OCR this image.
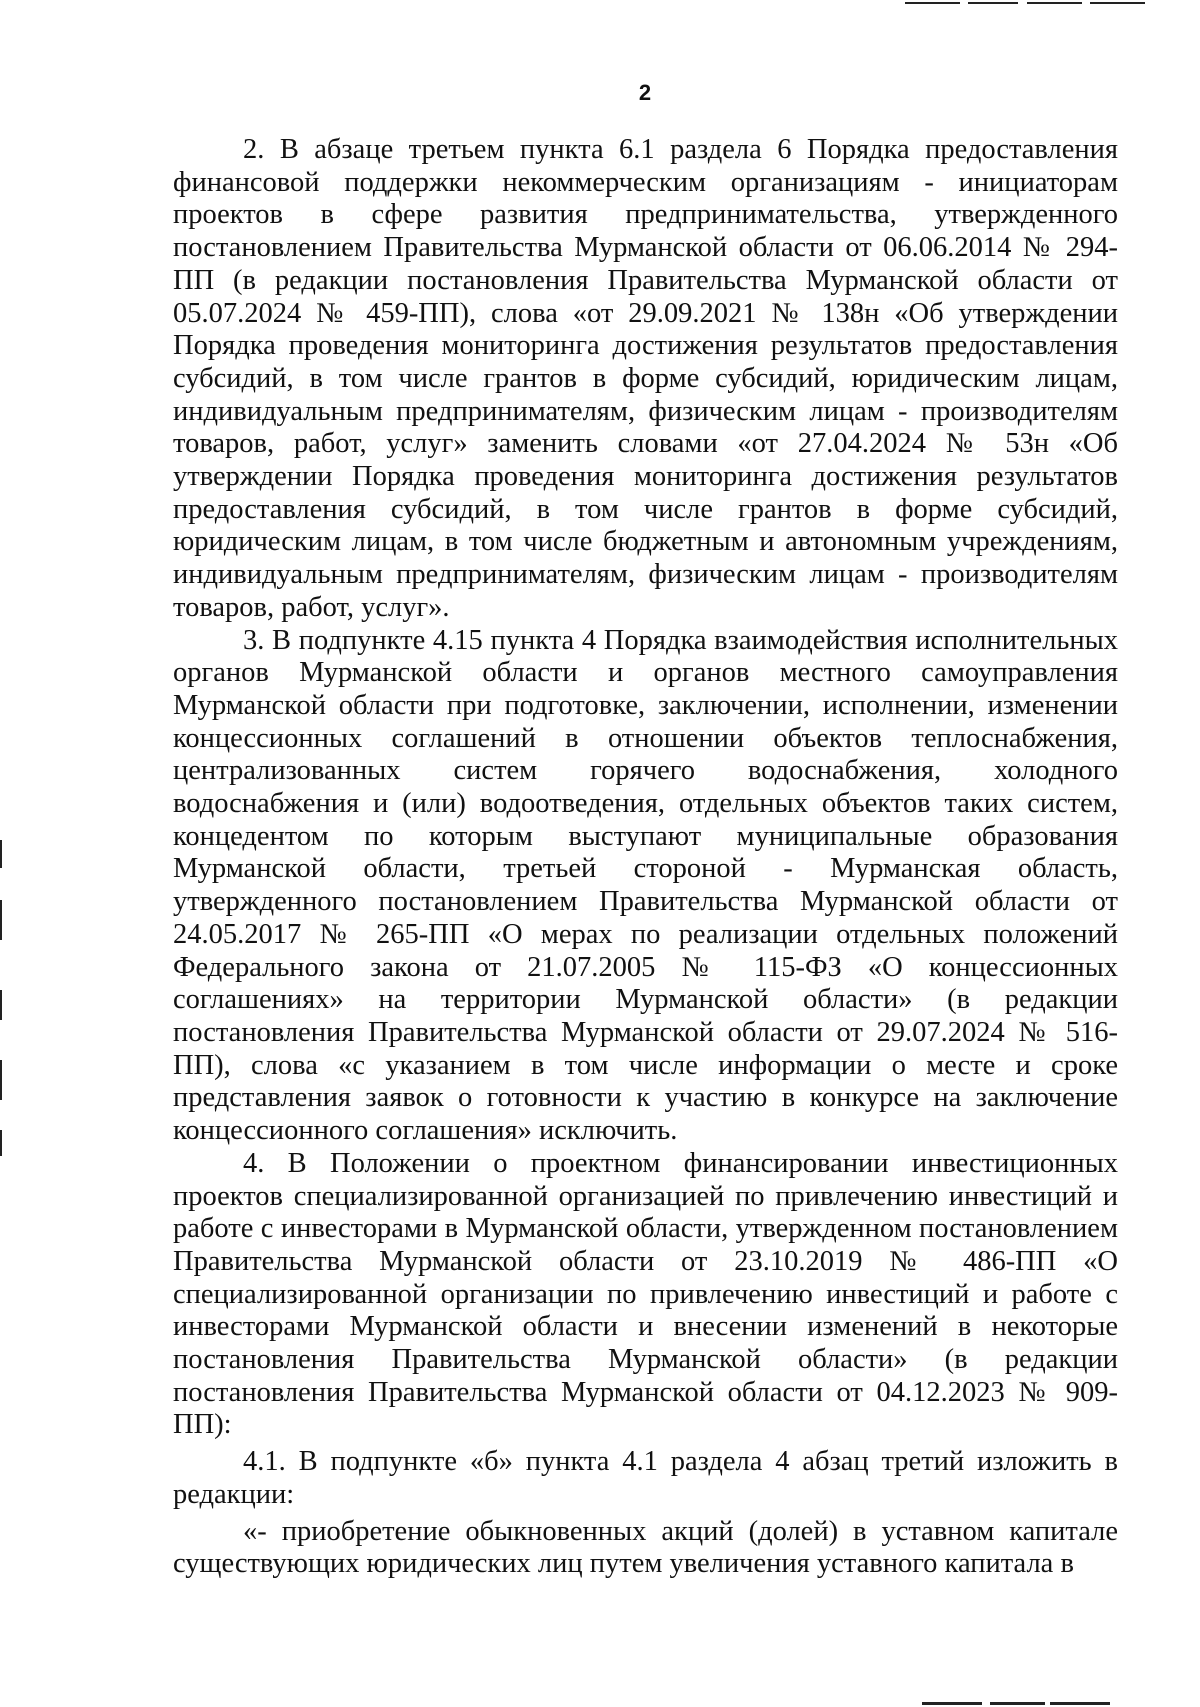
2

2. В абзаце третьем пункта 6.1 раздела 6 Порядка предоставления финансовой поддержки некоммерческим организациям - инициаторам проектов в сфере развития предпринимательства, утвержденного постановлением Правительства Мурманской области от 06.06.2014 № 294-ПП (в редакции постановления Правительства Мурманской области от 05.07.2024 № 459-ПП), слова «от 29.09.2021 № 138н «Об утверждении Порядка проведения мониторинга достижения результатов предоставления субсидий, в том числе грантов в форме субсидий, юридическим лицам, индивидуальным предпринимателям, физическим лицам - производителям товаров, работ, услуг» заменить словами «от 27.04.2024 № 53н «Об утверждении Порядка проведения мониторинга достижения результатов предоставления субсидий, в том числе грантов в форме субсидий, юридическим лицам, в том числе бюджетным и автономным учреждениям, индивидуальным предпринимателям, физическим лицам - производителям товаров, работ, услуг».

3. В подпункте 4.15 пункта 4 Порядка взаимодействия исполнительных органов Мурманской области и органов местного самоуправления Мурманской области при подготовке, заключении, исполнении, изменении концессионных соглашений в отношении объектов теплоснабжения, централизованных систем горячего водоснабжения, холодного водоснабжения и (или) водоотведения, отдельных объектов таких систем, концедентом по которым выступают муниципальные образования Мурманской области, третьей стороной - Мурманская область, утвержденного постановлением Правительства Мурманской области от 24.05.2017 № 265-ПП «О мерах по реализации отдельных положений Федерального закона от 21.07.2005 № 115-ФЗ «О концессионных соглашениях» на территории Мурманской области» (в редакции постановления Правительства Мурманской области от 29.07.2024 № 516-ПП), слова «с указанием в том числе информации о месте и сроке представления заявок о готовности к участию в конкурсе на заключение концессионного соглашения» исключить.

4. В Положении о проектном финансировании инвестиционных проектов специализированной организацией по привлечению инвестиций и работе с инвесторами в Мурманской области, утвержденном постановлением Правительства Мурманской области от 23.10.2019 № 486-ПП «О специализированной организации по привлечению инвестиций и работе с инвесторами Мурманской области и внесении изменений в некоторые постановления Правительства Мурманской области» (в редакции постановления Правительства Мурманской области от 04.12.2023 № 909-ПП):

4.1. В подпункте «б» пункта 4.1 раздела 4 абзац третий изложить в редакции:

«- приобретение обыкновенных акций (долей) в уставном капитале существующих юридических лиц путем увеличения уставного капитала в
